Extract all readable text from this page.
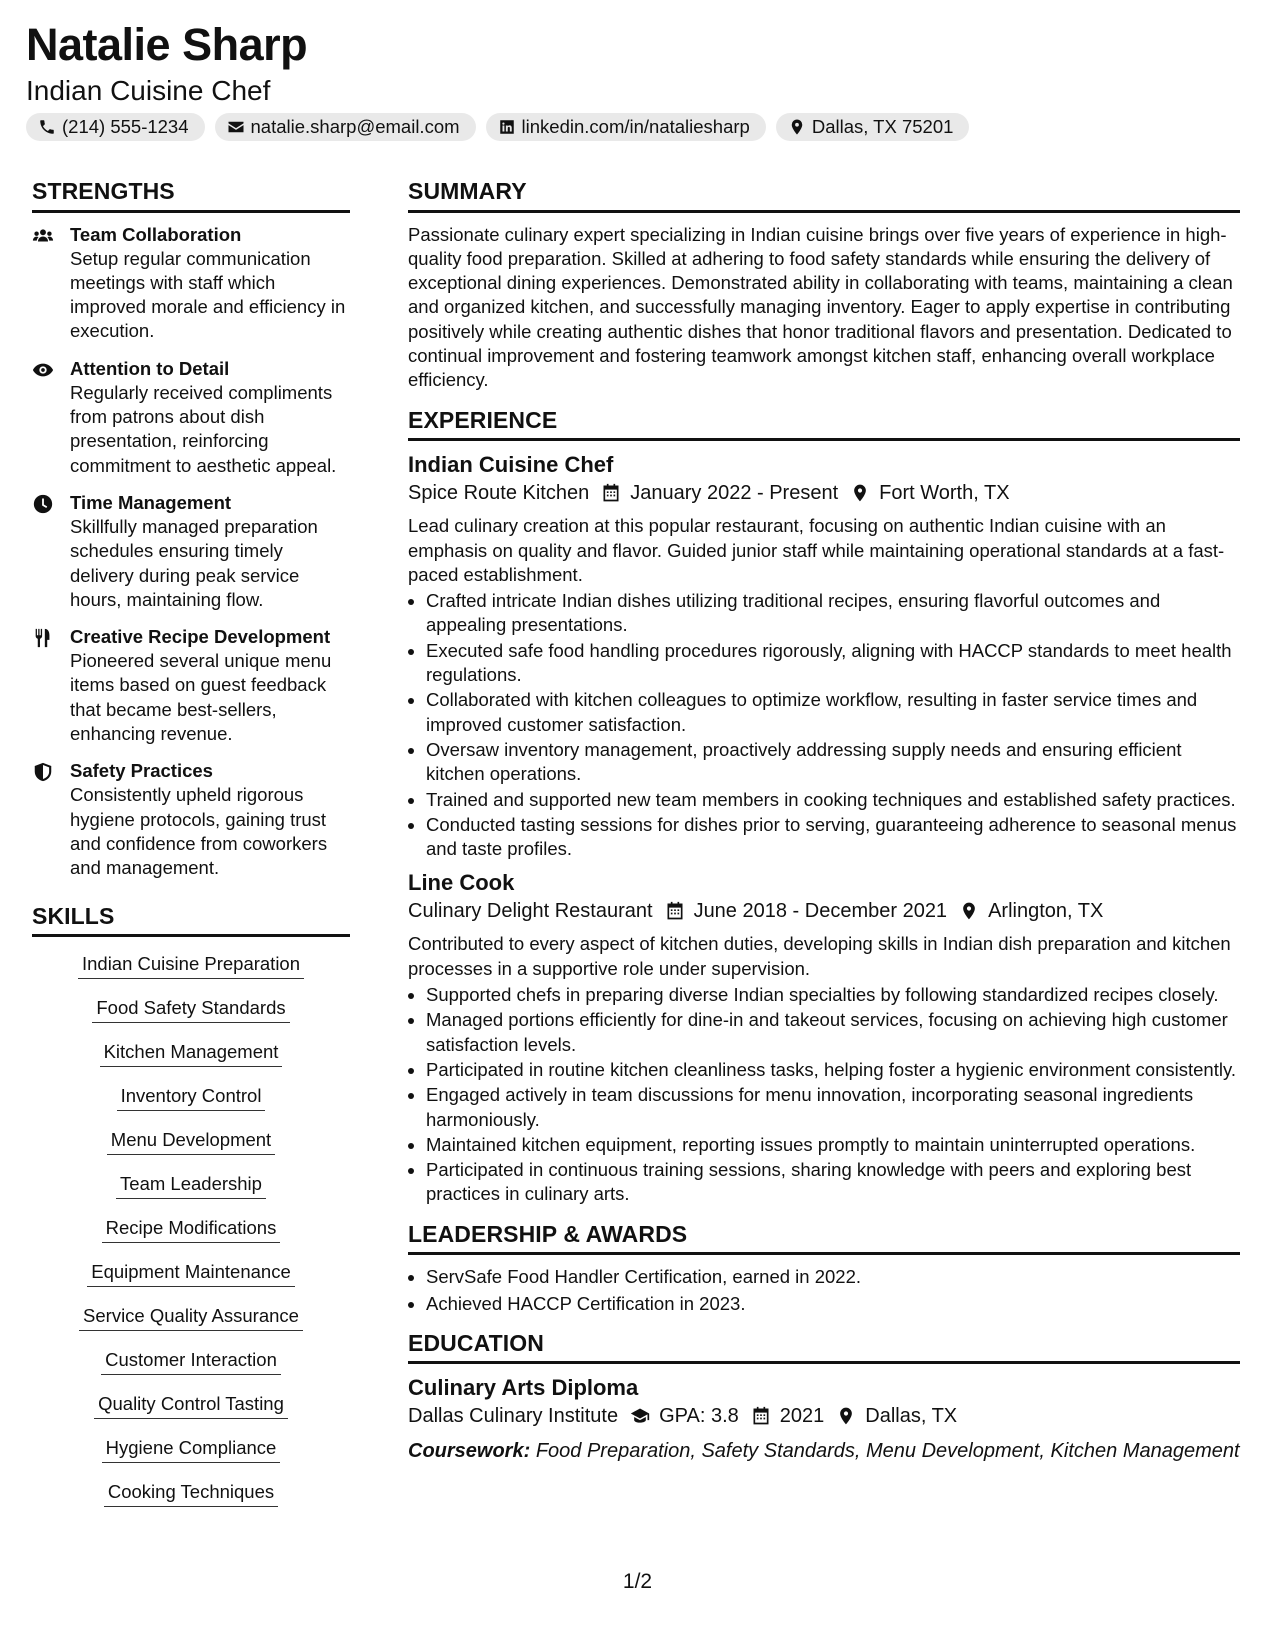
Natalie Sharp
Indian Cuisine Chef
(214) 555-1234	natalie.sharp@email.com	linkedin.com/in/nataliesharp	Dallas, TX 75201
STRENGTHS
Team Collaboration
Setup regular communication meetings with staff which improved morale and efficiency in execution.
Attention to Detail
Regularly received compliments from patrons about dish presentation, reinforcing commitment to aesthetic appeal.
Time Management
Skillfully managed preparation schedules ensuring timely delivery during peak service hours, maintaining flow.
Creative Recipe Development
Pioneered several unique menu items based on guest feedback that became best-sellers, enhancing revenue.
Safety Practices
Consistently upheld rigorous hygiene protocols, gaining trust and confidence from coworkers and management.
SKILLS
Indian Cuisine Preparation
Food Safety Standards
Kitchen Management
Inventory Control
Menu Development
Team Leadership
Recipe Modifications
Equipment Maintenance
Service Quality Assurance
Customer Interaction
Quality Control Tasting
Hygiene Compliance
Cooking Techniques
SUMMARY

Passionate culinary expert specializing in Indian cuisine brings over five years of experience in high-quality food preparation. Skilled at adhering to food safety standards while ensuring the delivery of exceptional dining experiences. Demonstrated ability in collaborating with teams, maintaining a clean and organized kitchen, and successfully managing inventory. Eager to apply expertise in contributing positively while creating authentic dishes that honor traditional flavors and presentation. Dedicated to continual improvement and fostering teamwork amongst kitchen staff, enhancing overall workplace efficiency.

EXPERIENCE
Indian Cuisine Chef
Spice Route Kitchen January 2022 - Present Fort Worth, TX

Lead culinary creation at this popular restaurant, focusing on authentic Indian cuisine with an emphasis on quality and flavor. Guided junior staff while maintaining operational standards at a fast-paced establishment.

• Crafted intricate Indian dishes utilizing traditional recipes, ensuring flavorful outcomes and appealing presentations.
• Executed safe food handling procedures rigorously, aligning with HACCP standards to meet health regulations.
• Collaborated with kitchen colleagues to optimize workflow, resulting in faster service times and improved customer satisfaction.
• Oversaw inventory management, proactively addressing supply needs and ensuring efficient kitchen operations.
• Trained and supported new team members in cooking techniques and established safety practices.
• Conducted tasting sessions for dishes prior to serving, guaranteeing adherence to seasonal menus and taste profiles.
Line Cook
Culinary Delight Restaurant June 2018 - December 2021 Arlington, TX

Contributed to every aspect of kitchen duties, developing skills in Indian dish preparation and kitchen processes in a supportive role under supervision.

• Supported chefs in preparing diverse Indian specialties by following standardized recipes closely.
• Managed portions efficiently for dine-in and takeout services, focusing on achieving high customer satisfaction levels.
• Participated in routine kitchen cleanliness tasks, helping foster a hygienic environment consistently.
• Engaged actively in team discussions for menu innovation, incorporating seasonal ingredients harmoniously.
• Maintained kitchen equipment, reporting issues promptly to maintain uninterrupted operations.
• Participated in continuous training sessions, sharing knowledge with peers and exploring best practices in culinary arts.
LEADERSHIP & AWARDS
• ServSafe Food Handler Certification, earned in 2022.
• Achieved HACCP Certification in 2023.
EDUCATION
Culinary Arts Diploma
Dallas Culinary Institute GPA: 3.8 2021 Dallas, TX
Coursework: Food Preparation, Safety Standards, Menu Development, Kitchen Management
1/2
